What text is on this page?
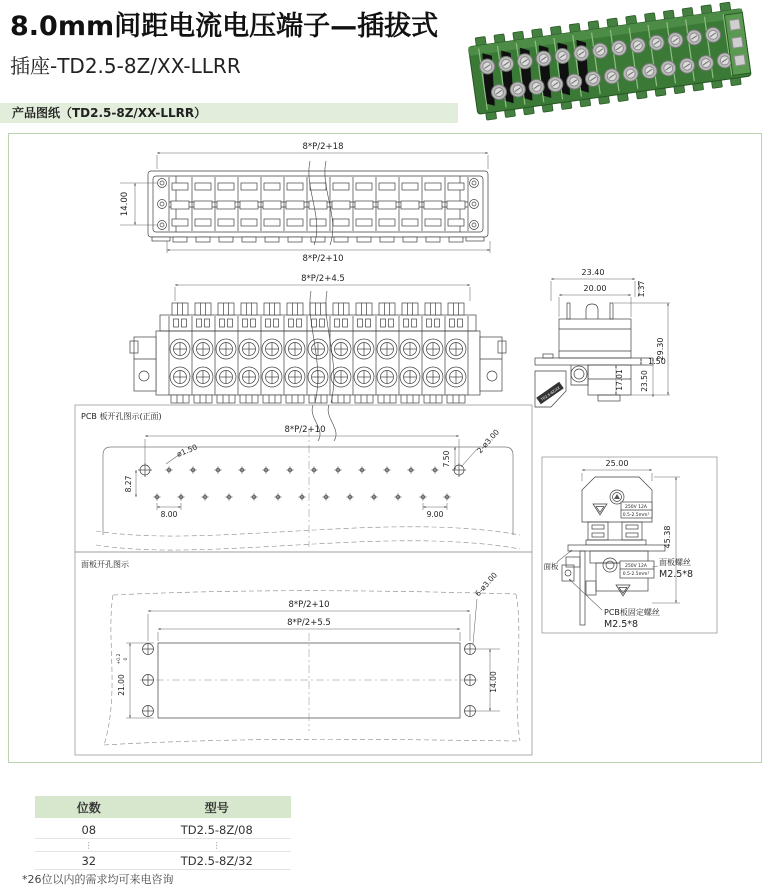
8.0mm间距电流电压端子—插拔式
插座-TD2.5-8Z/XX-LLRR
产品图纸（TD2.5-8Z/XX-LLRR）
8*P/2+18
14.00
8*P/2+10
8*P/2+4.5
TD2.5-8Z/XX
23.40
20.00	1.37
29.30
1.50
17.01 23.50
PCB 板开孔图示(正面)
8*P/2+10
ø1.50	2-ø3.00
7.50
8.27
8.00	9.00
面板开孔图示
8*P/2+10
8*P/2+5.5
6-ø3.00
21.00
+0.2 0
14.00
25.00
45.38
面板
250V 12A
0.5-2.5mm²
250V 12A
0.5-2.5mm²
面板螺丝
M2.5*8
PCB板固定螺丝
M2.5*8
位数	型号
08	TD2.5-8Z/08
⋮	⋮
32	TD2.5-8Z/32
*26位以内的需求均可来电咨询
